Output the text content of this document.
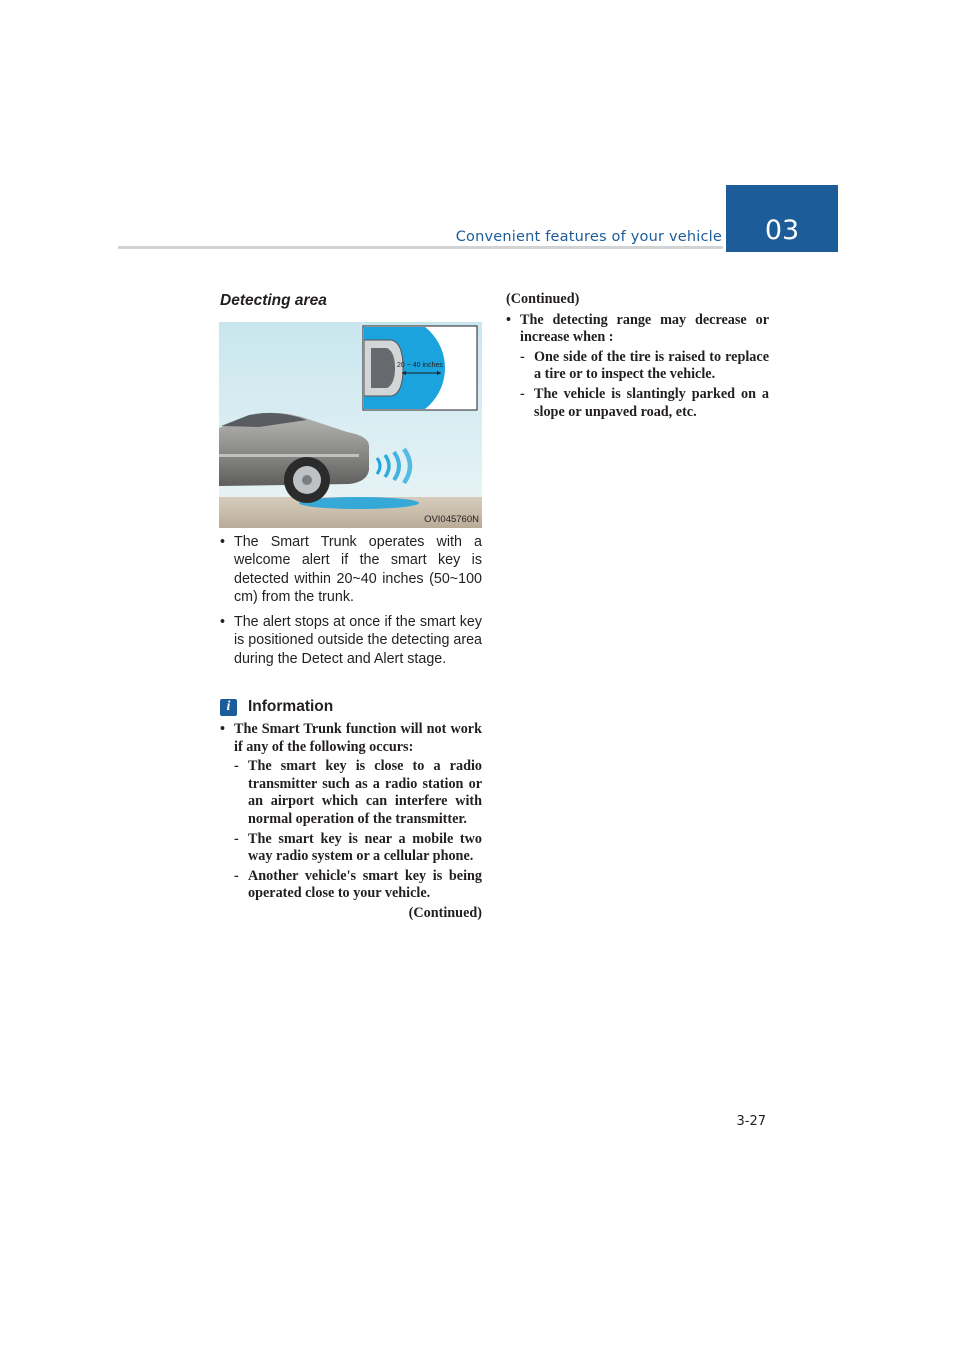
Convenient features of your vehicle	03
Detecting area
20 ~ 40 inches
OVI045760N
• The Smart Trunk operates with a welcome alert if the smart key is detected within 20~40 inches (50~100 cm) from the trunk.
• The alert stops at once if the smart key is positioned outside the detecting area during the Detect and Alert stage.
i	Information
• The Smart Trunk function will not work if any of the following occurs:
- The smart key is close to a radio transmitter such as a radio station or an airport which can interfere with normal operation of the transmitter.
- The smart key is near a mobile two way radio system or a cellular phone.
- Another vehicle's smart key is being operated close to your vehicle.
(Continued)
(Continued)
• The detecting range may decrease or increase when :
- One side of the tire is raised to replace a tire or to inspect the vehicle.
- The vehicle is slantingly parked on a slope or unpaved road, etc.
3-27
